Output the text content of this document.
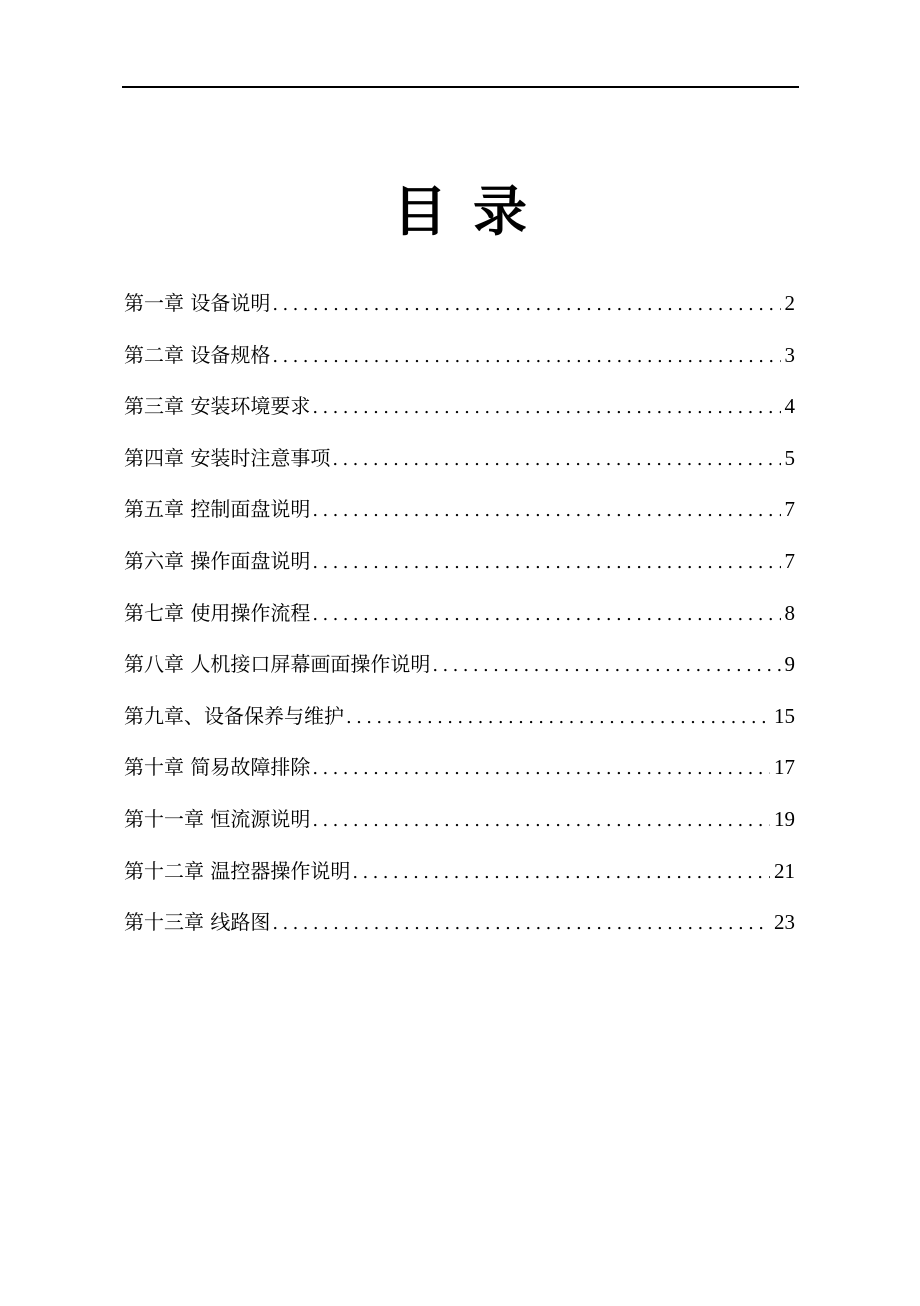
目 录
第一章 设备说明 .....	2
第二章 设备规格 .....	3
第三章 安装环境要求 .....	4
第四章 安装时注意事项 .....	5
第五章 控制面盘说明 .....	7
第六章 操作面盘说明 .....	7
第七章 使用操作流程 .....	8
第八章 人机接口屏幕画面操作说明 .....	9
第九章、设备保养与维护 .....	15
第十章 简易故障排除 .....	17
第十一章 恒流源说明 .....	19
第十二章 温控器操作说明 .....	21
第十三章 线路图 .....	23
